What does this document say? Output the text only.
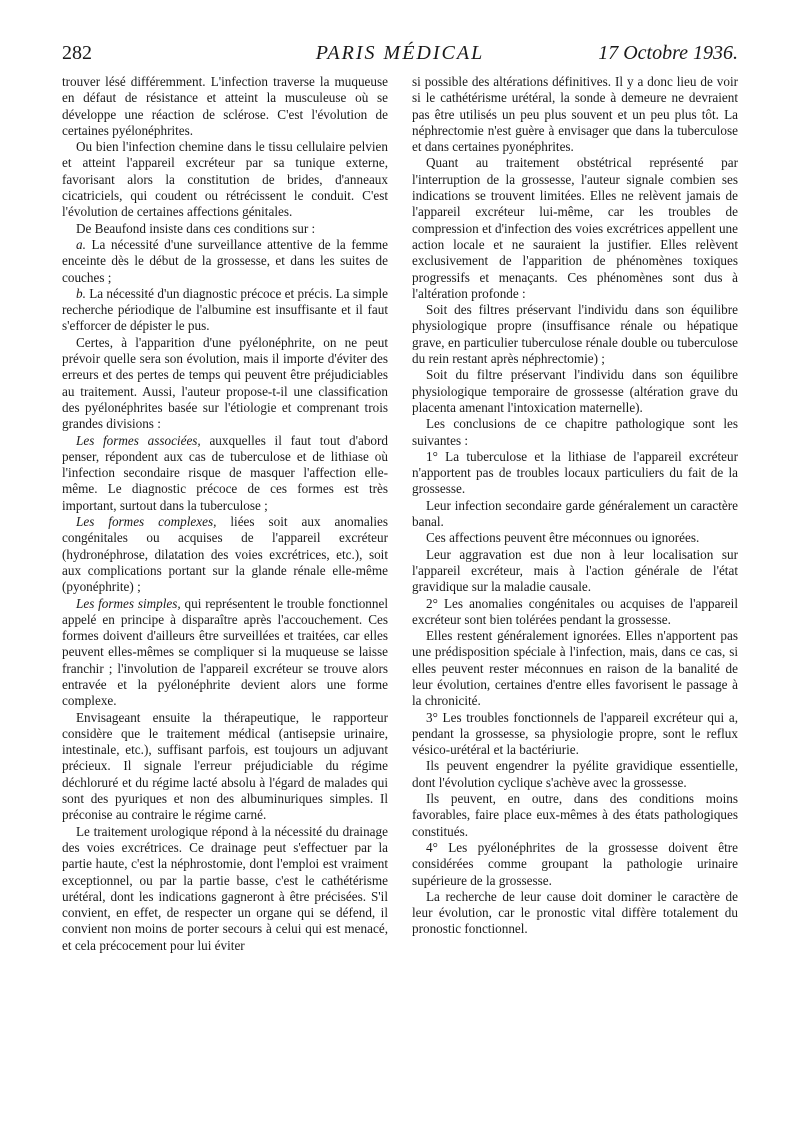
282	PARIS MÉDICAL	17 Octobre 1936.

trouver lésé différemment. L'infection traverse la muqueuse en défaut de résistance et atteint la musculeuse où se développe une réaction de sclérose. C'est l'évolution de certaines pyélonéphrites.

Ou bien l'infection chemine dans le tissu cellulaire pelvien et atteint l'appareil excréteur par sa tunique externe, favorisant alors la constitution de brides, d'anneaux cicatriciels, qui coudent ou rétrécissent le conduit. C'est l'évolution de certaines affections génitales.

De Beaufond insiste dans ces conditions sur :

a. La nécessité d'une surveillance attentive de la femme enceinte dès le début de la grossesse, et dans les suites de couches ;

b. La nécessité d'un diagnostic précoce et précis. La simple recherche périodique de l'albumine est insuffisante et il faut s'efforcer de dépister le pus.

Certes, à l'apparition d'une pyélonéphrite, on ne peut prévoir quelle sera son évolution, mais il importe d'éviter des erreurs et des pertes de temps qui peuvent être préjudiciables au traitement. Aussi, l'auteur propose-t-il une classification des pyélonéphrites basée sur l'étiologie et comprenant trois grandes divisions :

Les formes associées, auxquelles il faut tout d'abord penser, répondent aux cas de tuberculose et de lithiase où l'infection secondaire risque de masquer l'affection elle-même. Le diagnostic précoce de ces formes est très important, surtout dans la tuberculose ;

Les formes complexes, liées soit aux anomalies congénitales ou acquises de l'appareil excréteur (hydronéphrose, dilatation des voies excrétrices, etc.), soit aux complications portant sur la glande rénale elle-même (pyonéphrite) ;

Les formes simples, qui représentent le trouble fonctionnel appelé en principe à disparaître après l'accouchement. Ces formes doivent d'ailleurs être surveillées et traitées, car elles peuvent elles-mêmes se compliquer si la muqueuse se laisse franchir ; l'involution de l'appareil excréteur se trouve alors entravée et la pyélonéphrite devient alors une forme complexe.

Envisageant ensuite la thérapeutique, le rapporteur considère que le traitement médical (antisepsie urinaire, intestinale, etc.), suffisant parfois, est toujours un adjuvant précieux. Il signale l'erreur préjudiciable du régime déchloruré et du régime lacté absolu à l'égard de malades qui sont des pyuriques et non des albuminuriques simples. Il préconise au contraire le régime carné.

Le traitement urologique répond à la nécessité du drainage des voies excrétrices. Ce drainage peut s'effectuer par la partie haute, c'est la néphrostomie, dont l'emploi est vraiment exceptionnel, ou par la partie basse, c'est le cathétérisme urétéral, dont les indications gagneront à être précisées. S'il convient, en effet, de respecter un organe qui se défend, il convient non moins de porter secours à celui qui est menacé, et cela précocement pour lui éviter

si possible des altérations définitives. Il y a donc lieu de voir si le cathétérisme urétéral, la sonde à demeure ne devraient pas être utilisés un peu plus souvent et un peu plus tôt. La néphrectomie n'est guère à envisager que dans la tuberculose et dans certaines pyonéphrites.

Quant au traitement obstétrical représenté par l'interruption de la grossesse, l'auteur signale combien ses indications se trouvent limitées. Elles ne relèvent jamais de l'appareil excréteur lui-même, car les troubles de compression et d'infection des voies excrétrices appellent une action locale et ne sauraient la justifier. Elles relèvent exclusivement de l'apparition de phénomènes toxiques progressifs et menaçants. Ces phénomènes sont dus à l'altération profonde :

Soit des filtres préservant l'individu dans son équilibre physiologique propre (insuffisance rénale ou hépatique grave, en particulier tuberculose rénale double ou tuberculose du rein restant après néphrectomie) ;

Soit du filtre préservant l'individu dans son équilibre physiologique temporaire de grossesse (altération grave du placenta amenant l'intoxication maternelle).

Les conclusions de ce chapitre pathologique sont les suivantes :

1° La tuberculose et la lithiase de l'appareil excréteur n'apportent pas de troubles locaux particuliers du fait de la grossesse.

Leur infection secondaire garde généralement un caractère banal.

Ces affections peuvent être méconnues ou ignorées.

Leur aggravation est due non à leur localisation sur l'appareil excréteur, mais à l'action générale de l'état gravidique sur la maladie causale.

2° Les anomalies congénitales ou acquises de l'appareil excréteur sont bien tolérées pendant la grossesse.

Elles restent généralement ignorées. Elles n'apportent pas une prédisposition spéciale à l'infection, mais, dans ce cas, si elles peuvent rester méconnues en raison de la banalité de leur évolution, certaines d'entre elles favorisent le passage à la chronicité.

3° Les troubles fonctionnels de l'appareil excréteur qui a, pendant la grossesse, sa physiologie propre, sont le reflux vésico-urétéral et la bactériurie.

Ils peuvent engendrer la pyélite gravidique essentielle, dont l'évolution cyclique s'achève avec la grossesse.

Ils peuvent, en outre, dans des conditions moins favorables, faire place eux-mêmes à des états pathologiques constitués.

4° Les pyélonéphrites de la grossesse doivent être considérées comme groupant la pathologie urinaire supérieure de la grossesse.

La recherche de leur cause doit dominer le caractère de leur évolution, car le pronostic vital diffère totalement du pronostic fonctionnel.
